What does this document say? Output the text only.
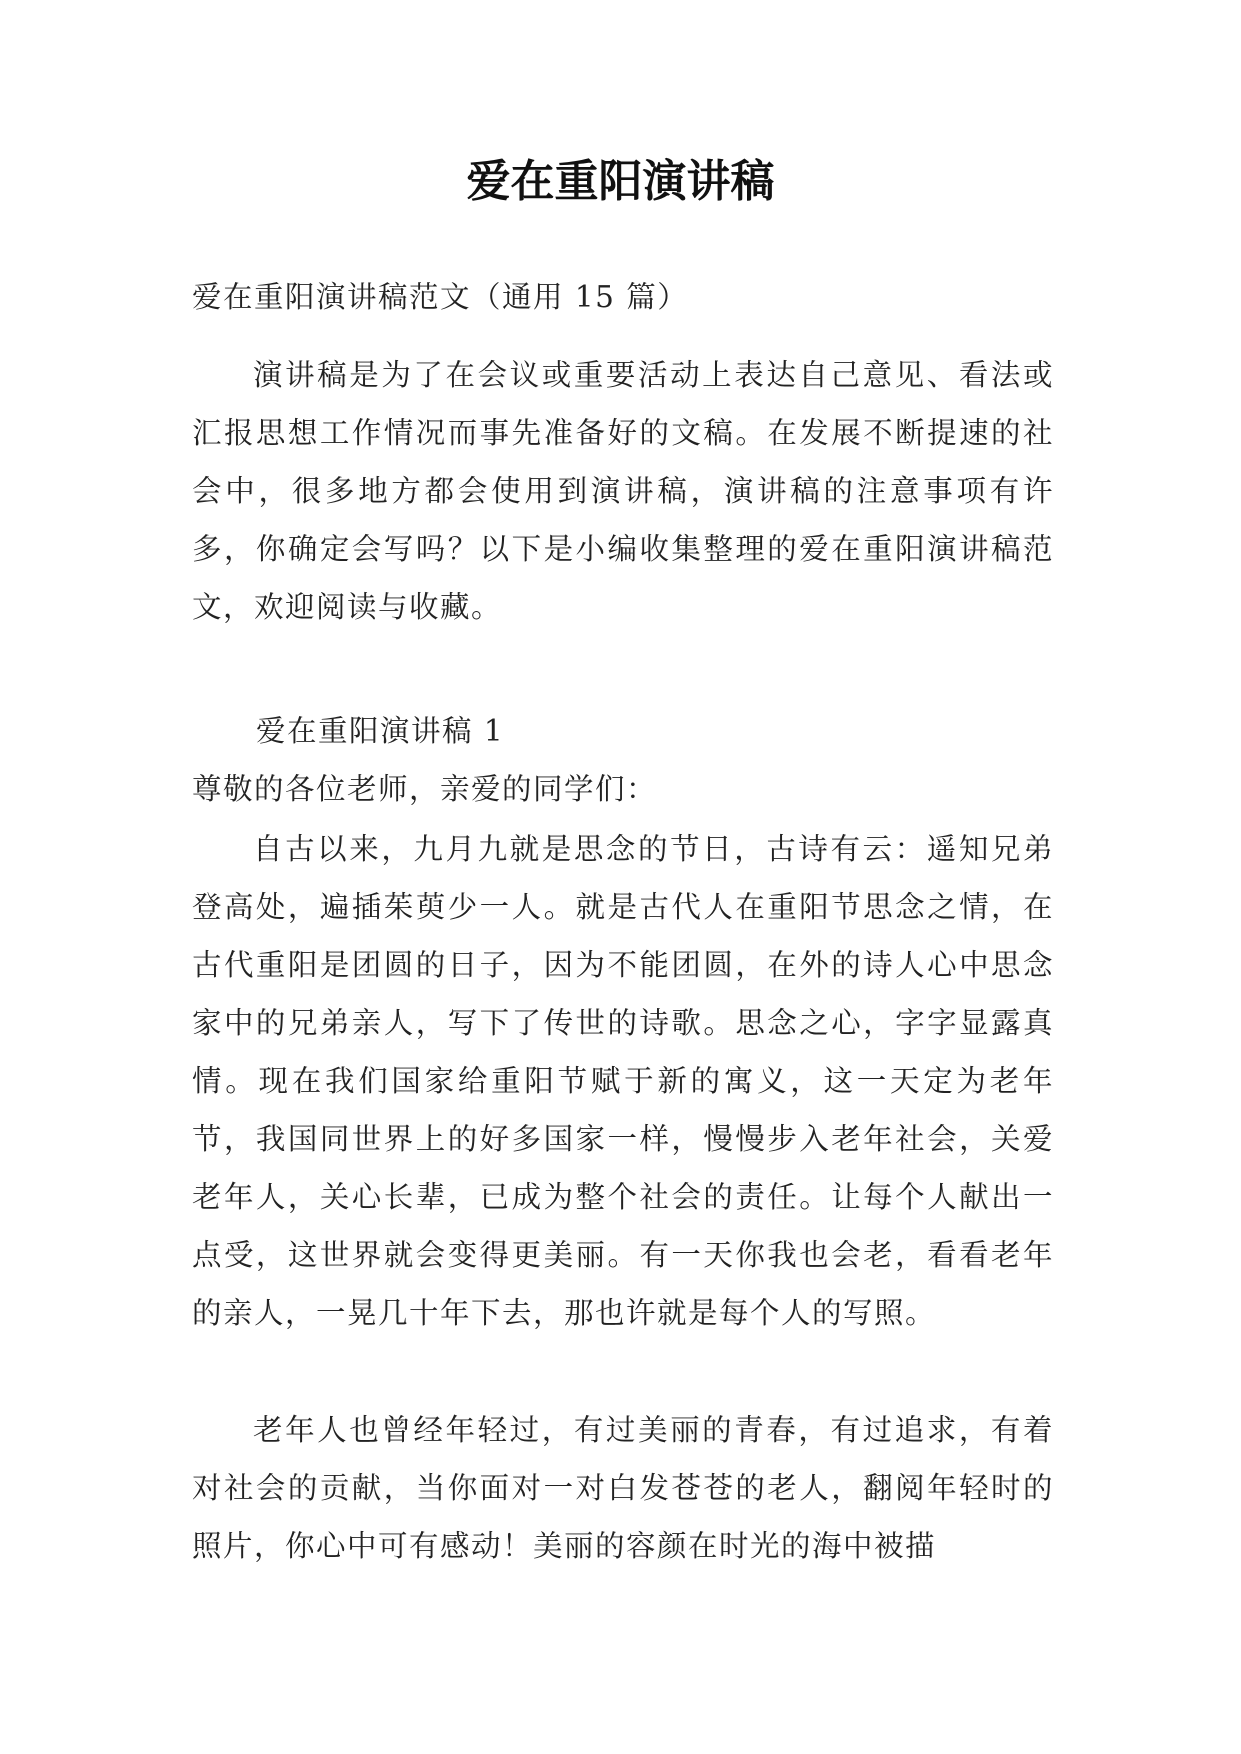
爱在重阳演讲稿
爱在重阳演讲稿范文（通用 15 篇）

演讲稿是为了在会议或重要活动上表达自己意见、看法或汇报思想工作情况而事先准备好的文稿。在发展不断提速的社会中，很多地方都会使用到演讲稿，演讲稿的注意事项有许多，你确定会写吗？以下是小编收集整理的爱在重阳演讲稿范文，欢迎阅读与收藏。

爱在重阳演讲稿 1
尊敬的各位老师，亲爱的同学们：

自古以来，九月九就是思念的节日，古诗有云：遥知兄弟登高处，遍插茱萸少一人。就是古代人在重阳节思念之情，在古代重阳是团圆的日子，因为不能团圆，在外的诗人心中思念家中的兄弟亲人，写下了传世的诗歌。思念之心，字字显露真情。现在我们国家给重阳节赋于新的寓义，这一天定为老年节，我国同世界上的好多国家一样，慢慢步入老年社会，关爱老年人，关心长辈，已成为整个社会的责任。让每个人献出一点受，这世界就会变得更美丽。有一天你我也会老，看看老年的亲人，一晃几十年下去，那也许就是每个人的写照。

老年人也曾经年轻过，有过美丽的青春，有过追求，有着对社会的贡献，当你面对一对白发苍苍的老人，翻阅年轻时的照片，你心中可有感动！美丽的容颜在时光的海中被描
